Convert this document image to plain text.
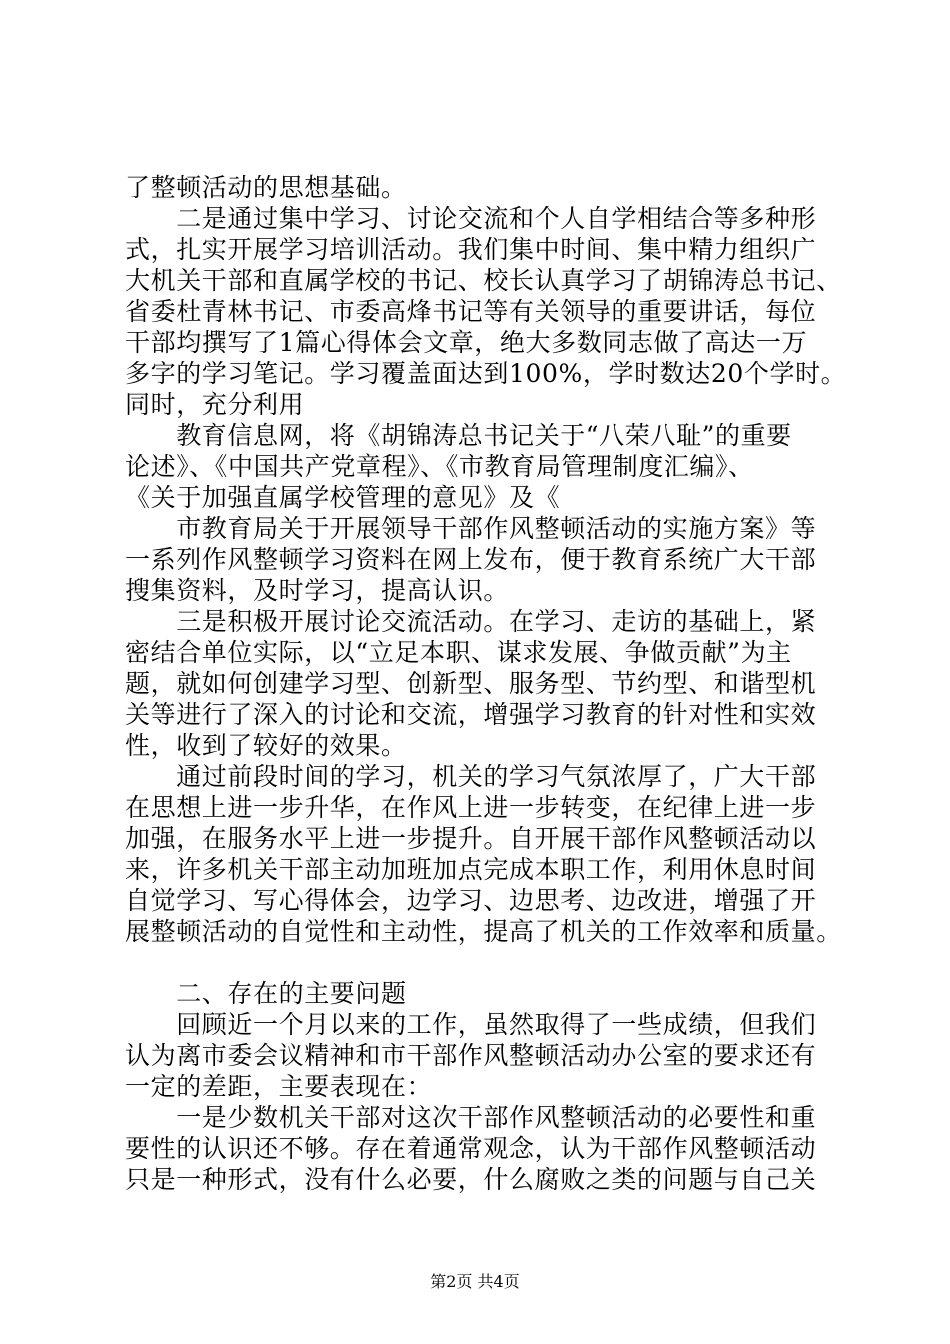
了整顿活动的思想基础。
　　二是通过集中学习、讨论交流和个人自学相结合等多种形
式，扎实开展学习培训活动。我们集中时间、集中精力组织广
大机关干部和直属学校的书记、校长认真学习了胡锦涛总书记、
省委杜青林书记、市委高烽书记等有关领导的重要讲话，每位
干部均撰写了1篇心得体会文章，绝大多数同志做了高达一万
多字的学习笔记。学习覆盖面达到100%，学时数达20个学时。
同时，充分利用
　　教育信息网，将《胡锦涛总书记关于“八荣八耻”的重要
论述》、《中国共产党章程》、《市教育局管理制度汇编》、
《关于加强直属学校管理的意见》及《
　　市教育局关于开展领导干部作风整顿活动的实施方案》等
一系列作风整顿学习资料在网上发布，便于教育系统广大干部
搜集资料，及时学习，提高认识。
　　三是积极开展讨论交流活动。在学习、走访的基础上，紧
密结合单位实际，以“立足本职、谋求发展、争做贡献”为主
题，就如何创建学习型、创新型、服务型、节约型、和谐型机
关等进行了深入的讨论和交流，增强学习教育的针对性和实效
性，收到了较好的效果。
　　通过前段时间的学习，机关的学习气氛浓厚了，广大干部
在思想上进一步升华，在作风上进一步转变，在纪律上进一步
加强，在服务水平上进一步提升。自开展干部作风整顿活动以
来，许多机关干部主动加班加点完成本职工作，利用休息时间
自觉学习、写心得体会，边学习、边思考、边改进，增强了开
展整顿活动的自觉性和主动性，提高了机关的工作效率和质量。
　　二、存在的主要问题
　　回顾近一个月以来的工作，虽然取得了一些成绩，但我们
认为离市委会议精神和市干部作风整顿活动办公室的要求还有
一定的差距，主要表现在：
　　一是少数机关干部对这次干部作风整顿活动的必要性和重
要性的认识还不够。存在着通常观念，认为干部作风整顿活动
只是一种形式，没有什么必要，什么腐败之类的问题与自己关
第2页 共4页
